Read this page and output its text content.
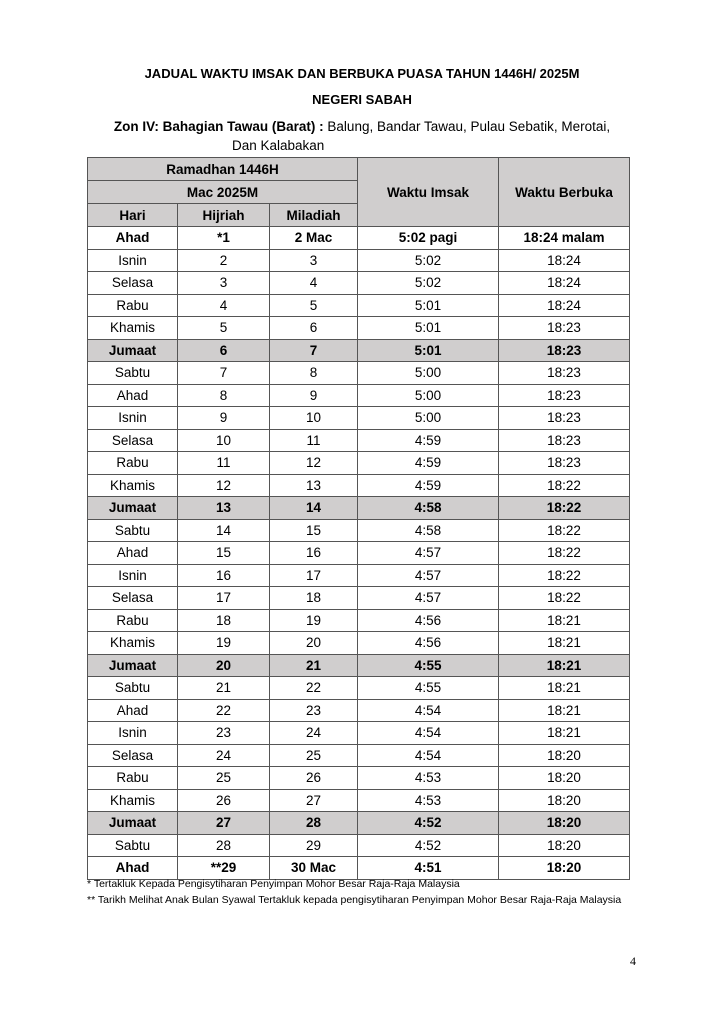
JADUAL WAKTU IMSAK DAN BERBUKA PUASA TAHUN 1446H/ 2025M
NEGERI SABAH
Zon IV: Bahagian Tawau (Barat) : Balung, Bandar Tawau, Pulau Sebatik, Merotai,
Dan Kalabakan
Ramadhan 1446H			Waktu Imsak	Waktu Berbuka
Mac 2025M				
Hari	Hijriah	Miladiah		
Ahad	*1	2 Mac	5:02 pagi	18:24 malam
Isnin	2	3	5:02	18:24
Selasa	3	4	5:02	18:24
Rabu	4	5	5:01	18:24
Khamis	5	6	5:01	18:23
Jumaat	6	7	5:01	18:23
Sabtu	7	8	5:00	18:23
Ahad	8	9	5:00	18:23
Isnin	9	10	5:00	18:23
Selasa	10	11	4:59	18:23
Rabu	11	12	4:59	18:23
Khamis	12	13	4:59	18:22
Jumaat	13	14	4:58	18:22
Sabtu	14	15	4:58	18:22
Ahad	15	16	4:57	18:22
Isnin	16	17	4:57	18:22
Selasa	17	18	4:57	18:22
Rabu	18	19	4:56	18:21
Khamis	19	20	4:56	18:21
Jumaat	20	21	4:55	18:21
Sabtu	21	22	4:55	18:21
Ahad	22	23	4:54	18:21
Isnin	23	24	4:54	18:21
Selasa	24	25	4:54	18:20
Rabu	25	26	4:53	18:20
Khamis	26	27	4:53	18:20
Jumaat	27	28	4:52	18:20
Sabtu	28	29	4:52	18:20
Ahad	**29	30 Mac	4:51	18:20
* Tertakluk Kepada Pengisytiharan Penyimpan Mohor Besar Raja-Raja Malaysia
** Tarikh Melihat Anak Bulan Syawal Tertakluk kepada pengisytiharan Penyimpan Mohor Besar Raja-Raja Malaysia
4
